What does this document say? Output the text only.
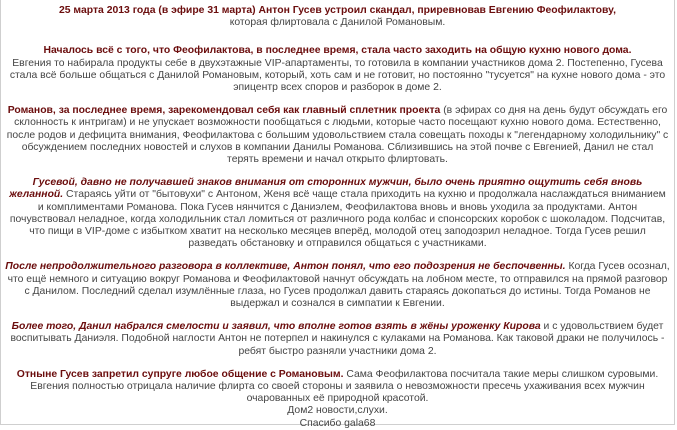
25 марта 2013 года (в эфире 31 марта) Антон Гусев устроил скандал, приревновав Евгению Феофилактову,
которая флиртовала с Данилой Романовым.

Началось всё с того, что Феофилактова, в последнее время, стала часто заходить на общую кухню нового дома.
Евгения то набирала продукты себе в двухэтажные VIP-апартаменты, то готовила в компании участников дома 2. Постепенно, Гусева стала всё больше общаться с Данилой Романовым, который, хоть сам и не готовит, но постоянно "тусуется" на кухне нового дома - это эпицентр всех споров и разборок в доме 2.

Романов, за последнее время, зарекомендовал себя как главный сплетник проекта (в эфирах со дня на день будут обсуждать его склонность к интригам) и не упускает возможности пообщаться с людьми, которые часто посещают кухню нового дома. Естественно, после родов и дефицита внимания, Феофилактова с большим удовольствием стала совещать походы к "легендарному холодильнику" с обсуждением последних новостей и слухов в компании Данилы Романова. Сблизившись на этой почве с Евгенией, Данил не стал терять времени и начал открыто флиртовать.

Гусевой, давно не получавшей знаков внимания от сторонних мужчин, было очень приятно ощутить себя вновь желанной. Стараясь уйти от "бытовухи" с Антоном, Женя всё чаще стала приходить на кухню и продолжала наслаждаться вниманием и комплиментами Романова. Пока Гусев нянчится с Даниэлем, Феофилактова вновь и вновь уходила за продуктами. Антон почувствовал неладное, когда холодильник стал ломиться от различного рода колбас и спонсорских коробок с шоколадом. Подсчитав, что пищи в VIP-доме с избытком хватит на несколько месяцев вперёд, молодой отец заподозрил неладное. Тогда Гусев решил разведать обстановку и отправился общаться с участниками.

После непродолжительного разговора в коллективе, Антон понял, что его подозрения не беспочвенны. Когда Гусев осознал, что ещё немного и ситуацию вокруг Романова и Феофилактовой начнут обсуждать на лобном месте, то отправился на прямой разговор с Данилом. Последний сделал изумлённые глаза, но Гусев продолжал давить стараясь докопаться до истины. Тогда Романов не выдержал и сознался в симпатии к Евгении.

Более того, Данил набрался смелости и заявил, что вполне готов взять в жёны уроженку Кирова и с удовольствием будет воспитывать Даниэля. Подобной наглости Антон не потерпел и накинулся с кулаками на Романова. Как таковой драки не получилось - ребят быстро разняли участники дома 2.

Отныне Гусев запретил супруге любое общение с Романовым. Сама Феофилактова посчитала такие меры слишком суровыми. Евгения полностью отрицала наличие флирта со своей стороны и заявила о невозможности пресечь ухаживания всех мужчин очарованных её природной красотой.

Дом2 новости,слухи.

Спасибо gala68
